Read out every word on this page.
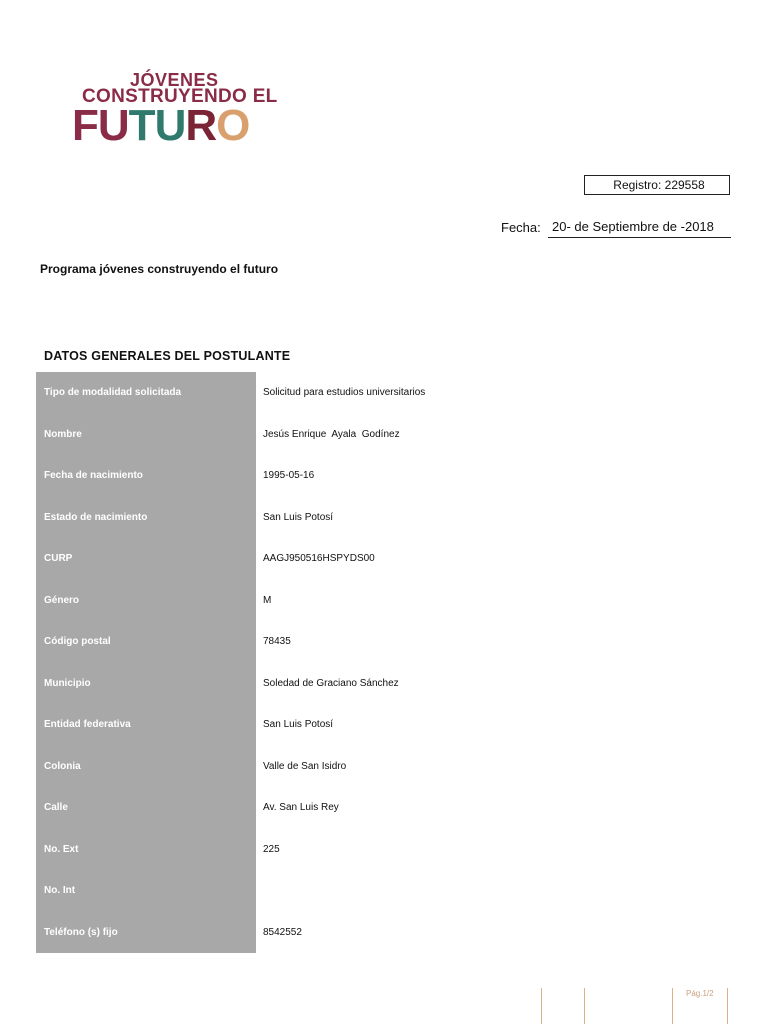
JÓVENES
CONSTRUYENDO EL
F U T U R O
Registro: 229558
Fecha: 20- de Septiembre de -2018
Programa jóvenes construyendo el futuro
DATOS GENERALES DEL POSTULANTE
Tipo de modalidad solicitada	Solicitud para estudios universitarios
Nombre	Jesús Enrique  Ayala  Godínez
Fecha de nacimiento	1995-05-16
Estado de nacimiento	San Luis Potosí
CURP	AAGJ950516HSPYDS00
Género	M
Código postal	78435
Municipio	Soledad de Graciano Sánchez
Entidad federativa	San Luis Potosí
Colonia	Valle de San Isidro
Calle	Av. San Luis Rey
No. Ext	225
No. Int
Teléfono (s) fijo	8542552
Pág.1/2
